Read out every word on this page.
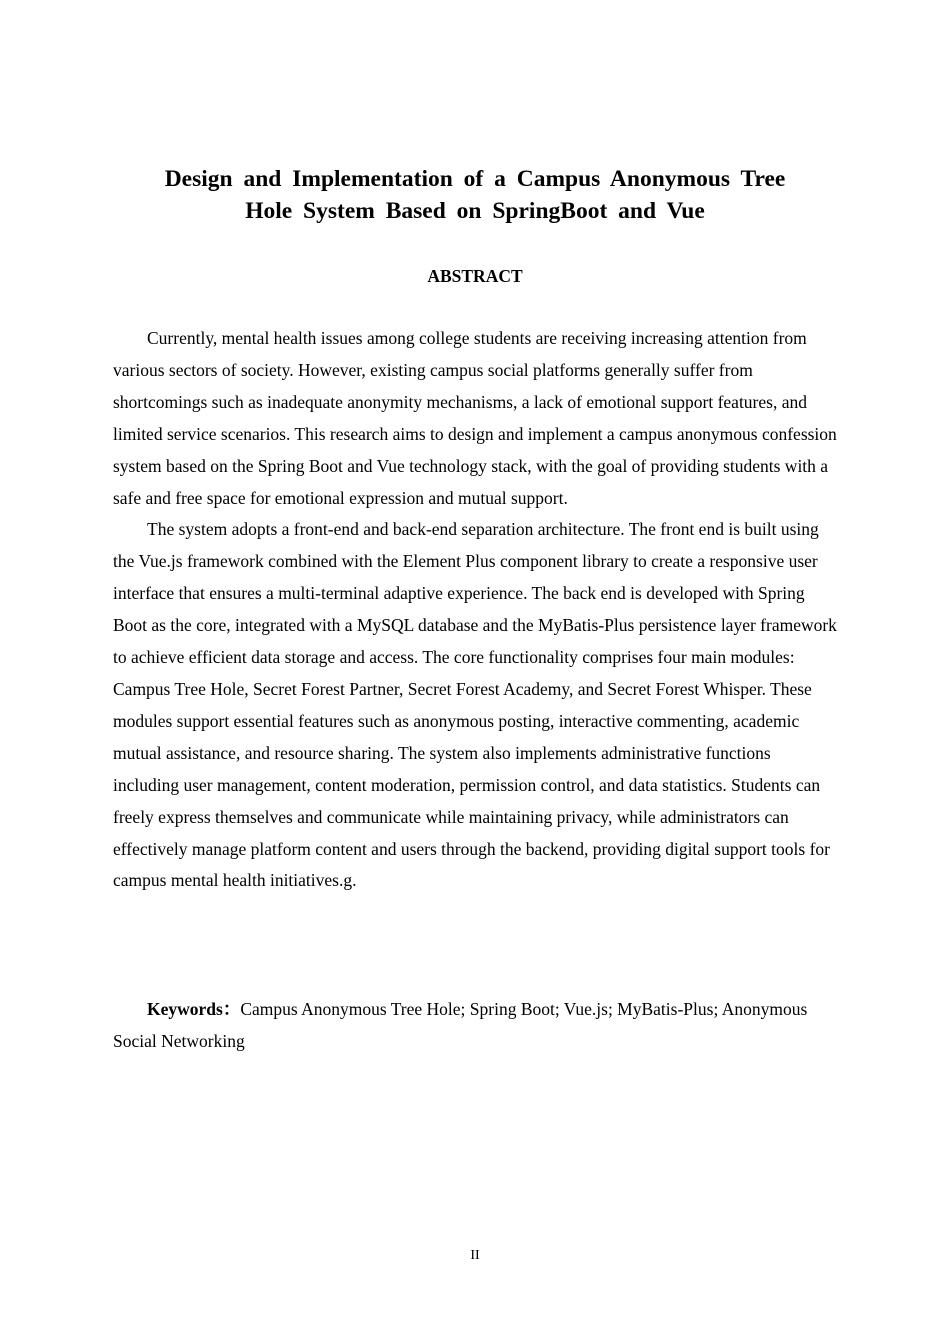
Design and Implementation of a Campus Anonymous Tree
Hole System Based on SpringBoot and Vue
ABSTRACT

Currently, mental health issues among college students are receiving increasing attention from various sectors of society. However, existing campus social platforms generally suffer from shortcomings such as inadequate anonymity mechanisms, a lack of emotional support features, and limited service scenarios. This research aims to design and implement a campus anonymous confession system based on the Spring Boot and Vue technology stack, with the goal of providing students with a safe and free space for emotional expression and mutual support.

The system adopts a front-end and back-end separation architecture. The front end is built using the Vue.js framework combined with the Element Plus component library to create a responsive user interface that ensures a multi-terminal adaptive experience. The back end is developed with Spring Boot as the core, integrated with a MySQL database and the MyBatis-Plus persistence layer framework to achieve efficient data storage and access. The core functionality comprises four main modules: Campus Tree Hole, Secret Forest Partner, Secret Forest Academy, and Secret Forest Whisper. These modules support essential features such as anonymous posting, interactive commenting, academic mutual assistance, and resource sharing. The system also implements administrative functions including user management, content moderation, permission control, and data statistics. Students can freely express themselves and communicate while maintaining privacy, while administrators can effectively manage platform content and users through the backend, providing digital support tools for campus mental health initiatives.g.

Keywords：Campus Anonymous Tree Hole; Spring Boot; Vue.js; MyBatis-Plus; Anonymous Social Networking

II
